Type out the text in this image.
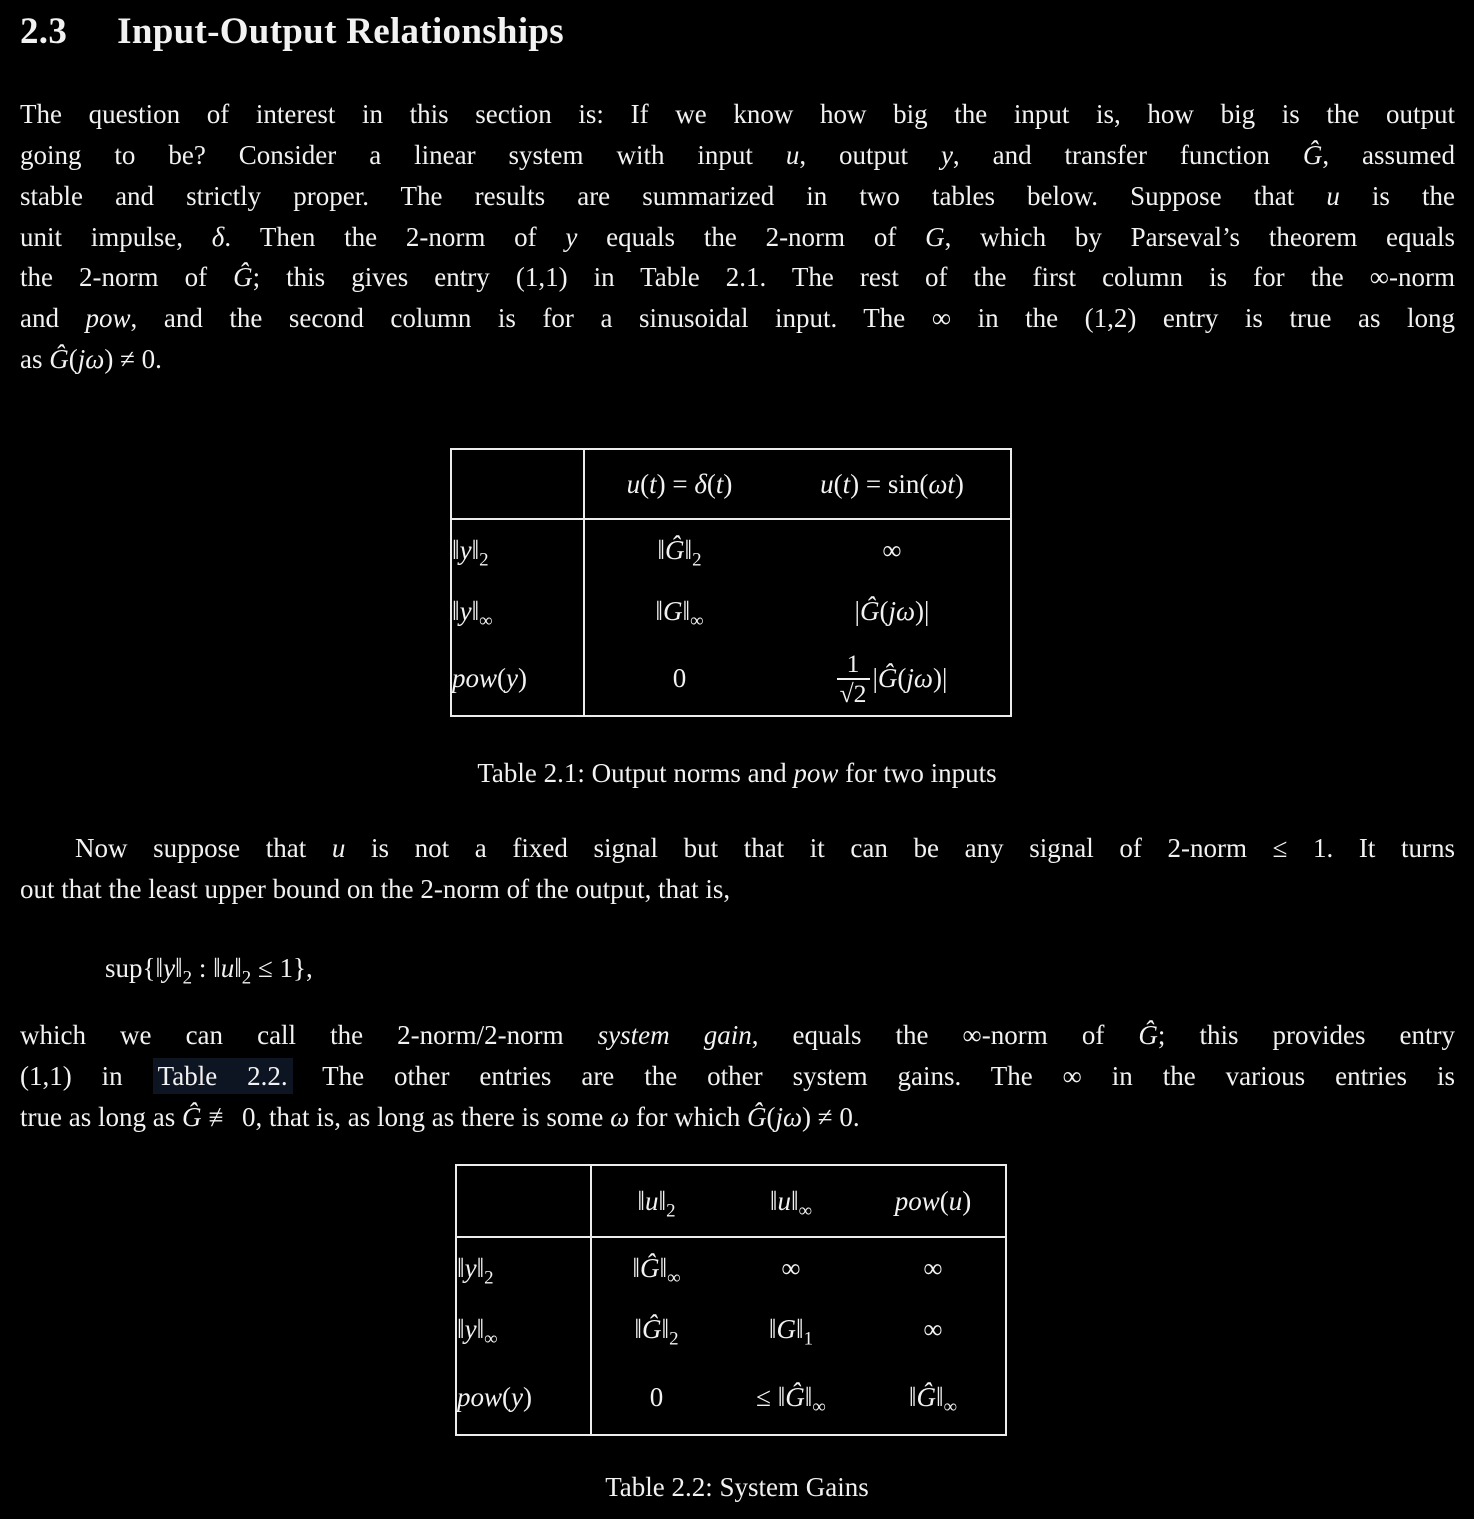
2.3 Input-Output Relationships
The question of interest in this section is: If we know how big the input is, how big is the output
going to be? Consider a linear system with input u, output y, and transfer function Ĝ, assumed
stable and strictly proper. The results are summarized in two tables below. Suppose that u is the
unit impulse, δ. Then the 2-norm of y equals the 2-norm of G, which by Parseval’s theorem equals
the 2-norm of Ĝ; this gives entry (1,1) in Table 2.1. The rest of the first column is for the ∞-norm
and pow, and the second column is for a sinusoidal input. The ∞ in the (1,2) entry is true as long
as Ĝ(jω) ≠ 0.
	u(t) = δ(t)	u(t) = sin(ωt)
$‖y‖_2$	$‖Ĝ‖_2$	∞
$‖y‖_\infty$	$‖G‖_\infty$	|Ĝ(jω)|
pow(y)	0	$\frac{1}{√2}$ |Ĝ(jω)|
Table 2.1: Output norms and pow for two inputs
Now suppose that u is not a fixed signal but that it can be any signal of 2-norm ≤ 1. It turns
out that the least upper bound on the 2-norm of the output, that is,
$sup\{‖y‖_2$ : $‖u‖_2 \le 1$},
which we can call the 2-norm/2-norm system gain, equals the ∞-norm of Ĝ; this provides entry
(1,1) in Table 2.2. The other entries are the other system gains. The ∞ in the various entries is
true as long as Ĝ ≢ 0, that is, as long as there is some ω for which Ĝ(jω) ≠ 0.
	$‖u‖_2$	$‖u‖_\infty$	pow(u)
$‖y‖_2$	$‖Ĝ‖_\infty$	∞	∞
$‖y‖_\infty$	$‖Ĝ‖_2$	$‖G‖_1$	∞
pow(y)	0	≤ $‖Ĝ‖_\infty$	$‖Ĝ‖_\infty$
Table 2.2: System Gains
